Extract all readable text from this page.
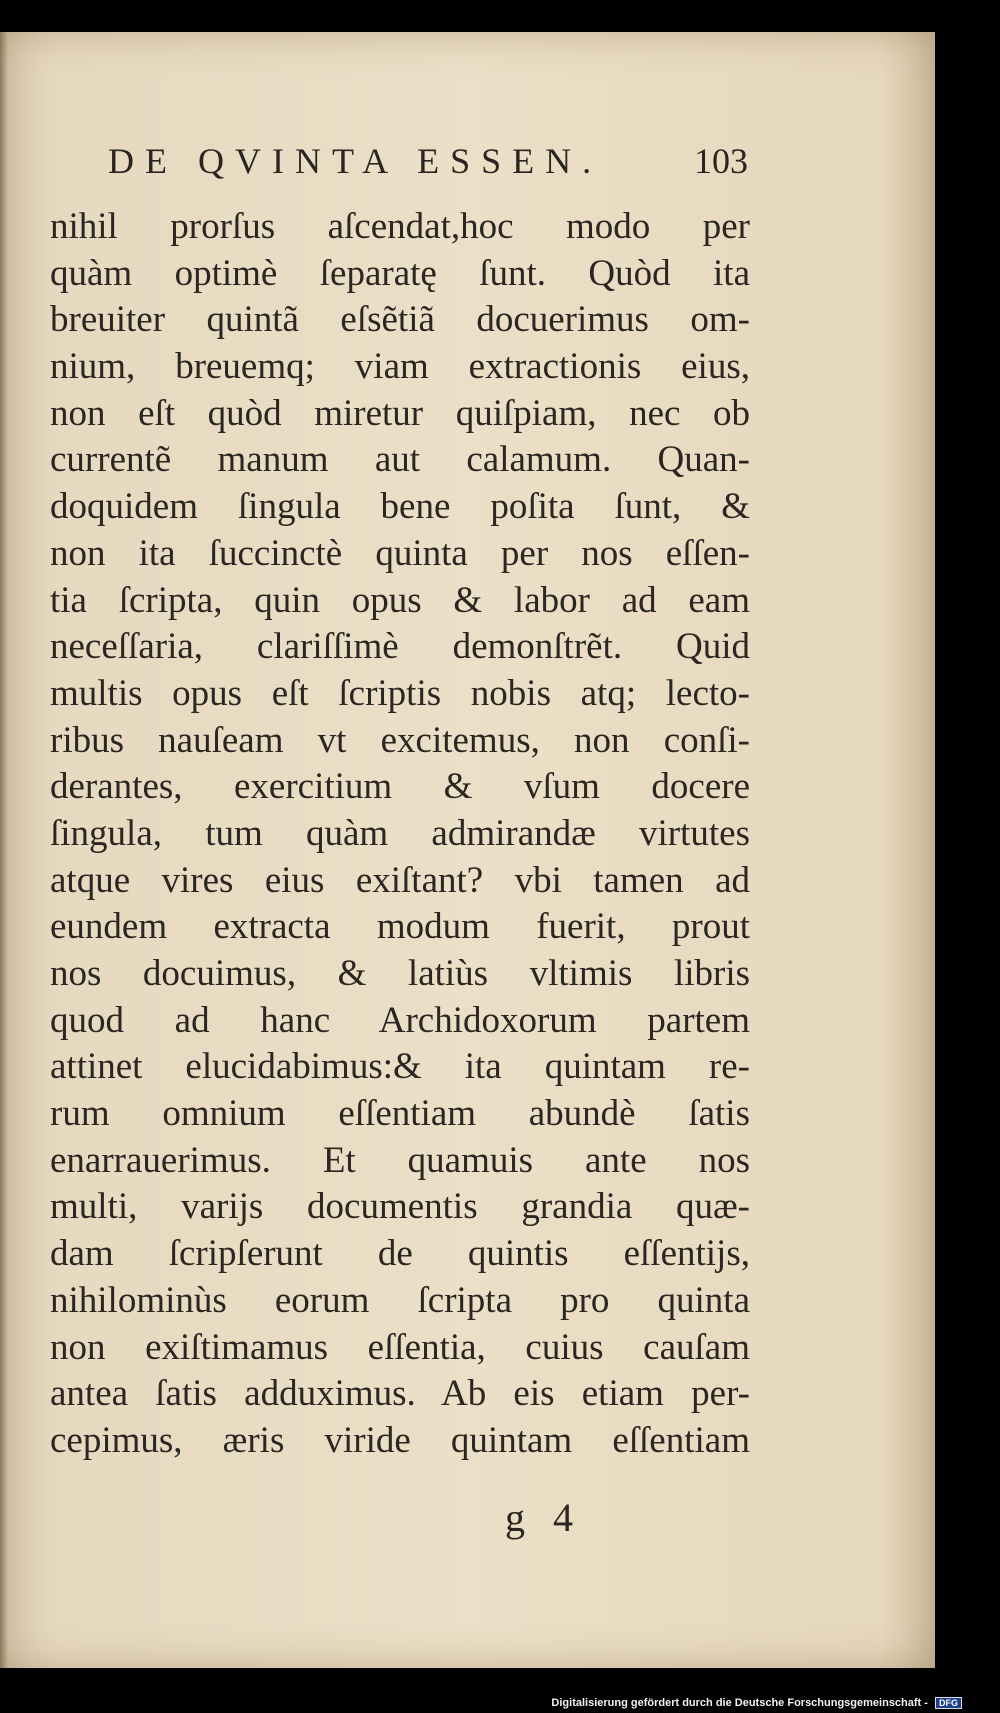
DE QVINTA ESSEN.	103
nihil prorſus aſcendat,hoc modo per
quàm optimè ſeparatę ſunt. Quòd ita
breuiter quintã eſsẽtiã docuerimus om-
nium, breuemq; viam extractionis eius,
non eſt quòd miretur quiſpiam, nec ob
currentẽ manum aut calamum. Quan-
doquidem ſingula bene poſita ſunt, &
non ita ſuccinctè quinta per nos eſſen-
tia ſcripta, quin opus & labor ad eam
neceſſaria, clariſſimè demonſtrẽt. Quid
multis opus eſt ſcriptis nobis atq; lecto-
ribus nauſeam vt excitemus, non conſi-
derantes, exercitium & vſum docere
ſingula, tum quàm admirandæ virtutes
atque vires eius exiſtant? vbi tamen ad
eundem extracta modum fuerit, prout
nos docuimus, & latiùs vltimis libris
quod ad hanc Archidoxorum partem
attinet elucidabimus:& ita quintam re-
rum omnium eſſentiam abundè ſatis
enarrauerimus. Et quamuis ante nos
multi, varijs documentis grandia quæ-
dam ſcripſerunt de quintis eſſentijs,
nihilominùs eorum ſcripta pro quinta
non exiſtimamus eſſentia, cuius cauſam
antea ſatis adduximus. Ab eis etiam per-
cepimus, æris viride quintam eſſentiam
g 4
Digitalisierung gefördert durch die Deutsche Forschungsgemeinschaft - DFG
